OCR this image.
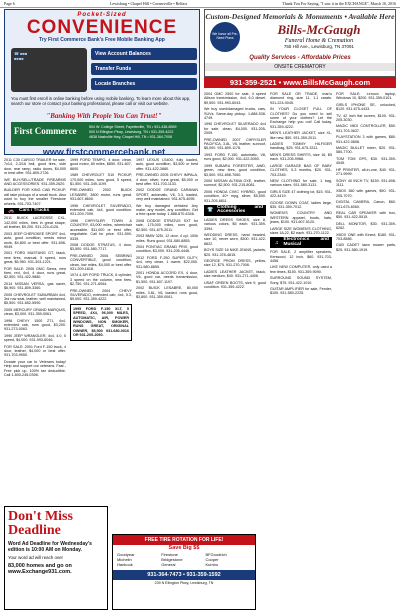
Page 6	Lewisburg • Chapel Hill • Cornersville • Belfast	Thank You For Saying, "I saw it in the EXCHANGE", March 16, 2016
Pocket-Sized
CONVENIENCE
Try First Commerce Bank's Free Mobile Banking App
☎ ■■■
■■■■
View Account Balances
Transfer Funds
Locate Branches
You must first enroll in online banking before using mobile banking. To learn more about this app, search our store or contact your banking professional, please call or visit our website.
"Banking With People You Can Trust!"
First Commerce	504 W. College Street, Fayetteville, TN • 931-438-8559
500 N Ellington Pkwy, Lewisburg, TN • 931-359-4222
4638 Nashville Hwy, Chapel Hill, TN • 931-364-7008
www.firstcommercebank.net
Custom-Designed Memorials & Monuments • Available Here
We honor all Pre-Need Plans
Bills-McGaugh
Funeral Home & Cremation
755 Hill Ave., Lewisburg, TN 37091
Quality Services - Affordable Prices
ONSITE CREMATORY
931-359-2521 • www.BillsMcGaugh.com
2011 C30 CARGO TRAILER for sale, 7x14, 2-3/16 ball, good tires, side door, rear ramp, radio doors, $4,000 or best offer. 931-809-2726.
WE BUY/SELL/TRADE FIREARMS AND ACCESSORIES. 931-359-2620.
BUILDER FOR KING CAB PICKUP, will take pickups of a small truck. Also want to buy the smaller Firestone wheels. 931-703-7407.
🚗 Cars / Trucks
2011 BUICK LACROSSE CXL, 142,000 miles, tires in great shape, all leather, $9,200. 931-224-4126.
2003 JEEP CHEROKEE SPORT 4x4, auto, good condition, needs minor work, $4,800 or best offer. 931-698-9049.
2001 FORD MUSTANG GT, black, new tires, manual, 5 speed, runs great, $5,950. 931-303-1221.
FOR SALE: 2006 GMC Sierra, new tires, red, 4x4, 4 door, runs great, $2,500. 931-422-9880.
2014 NISSAN VERSA, gas saver, $6,900. 931-809-3360.
2005 CHEVROLET SUBURBAN 4x4, 3rd row seat, leather, well maintained, $5,500. 931-652-5590.
2005 MERCURY GRAND MARQUIS, clean, $3,000. 931-359-0061.
1998 CHEVY 1500 Z71, 4x4, extended cab, runs good, $3,200. 931-273-0063.
1990 JEEP WRANGLER, 4x4, 4.0, 5 speed, $4,000. 931-993-6046.
FOR SALE: 2001 Ford F-150 truck, 4 door, leather, $4,000 or best offer. 931-703-9950.
Donate your car to Veterans today! Help and support our veterans. Fast - Free pick up. 100% tax deductible. Call 1-800-245-0398.
1999 FORD TEMPO, 4 door, clean, good motor, 80 miles, $850. 931-607-8600.
1989 CHEVROLET S10 PICKUP, 170,000 miles, runs good, 5 speed, $1,500. 931-349-1199.
PRE-OWNED 2002 BUICK LESABRE, 3800 motor, runs great. 931-607-8600.
1996 CHEVROLET SILVERADO, extended cab, 4x4, good condition. 931-209-7099.
1996 CHRYSLER TOWN & COUNTRY, 63,000 miles, wheelchair accessible. $11,000 or best offer, negotiable. Call for price. 931-590-5339.
2008 DODGE STRATUS, 4 door, $3,500. 931-580-7717.
PRE-OWNED 2006 SEBRING CONVERTIBLE, good condition, clean, low miles, $4,000 or best offer. 931-209-1818.
1974 4-DR FORD TRUCK, 6 cylinder, 3 speed on the column, new tires, $2,750. 931-271-6064.
PRE-OWNED 2004 CHEVY SILVERADO, extended cab, 4x4, 5.3, $9,000. 931-359-4222.
1995 FORD F-150 XLT, 5 SPEED, 4X4, 96,000 MILES, AUTOMATIC, AIR, POWER WINDOWS, NON SMOKER, RUNS GREAT, ORIGINAL OWNER, $5,500 931-680-0016 OR 931-205-2050.
1997 LEXUS LS400, fully loaded, auto, good condition, $3,500 or best offer. 931-422-3680.
PRE-OWNED 2005 CHEVY IMPALA, 4 door, silver, runs great, $5,000 or best offer. 931-703-1133.
2002 DODGE GRAND CARAVAN SPORT, automatic, V6, 3.3, loaded, very well maintained. 931-675-4095.
We buy damaged vehicles! Any make, any model, any condition. Get a free quote today. 1-888-870-6346.
2008 DODGE STRATUS SXT for sale, 175,000 miles, runs good, $2,500. 931-675-2011.
2003 BMW 325I, 12 door, 4 cyl, 100k miles. Runs good. 931-580-8855.
2004 PONTIAC GRAND PRIX, good condition, $3,000. 931-205-4446.
2012 FORD F-250 SUPER DUTY, 4x4, very clean, 1 owner, $22,000. 931-580-8855.
2001 HONDA ACCORD EX, 4 door, V6, good car, needs transmission, $1,500. 931-607-1197.
2002 BUICK LESABRE, 80,000 miles, 3.8L, V6, loaded, runs good, $3,800. 931-359-0061.
2004 GMC 2500 for sale, 4 speed Allison transmission, 4x4, 6.0 diesel, $9,500. 931-993-6043.
We buy used/damaged trucks, cars, SUVs. Same-day pickup. 1-888-538-4749.
1990 CHEVROLET SILVERADO 4x4 for sale, clean, $4,000. 931-205-2009.
PRE-OWNED 2007 CHRYSLER PACIFICA, 3.8L, V6, leather, sunroof, $5,000. 931-809-1178.
1993 FORD F-150, automatic, V8, runs good, $2,000. 931-422-5050.
1999 SUBARU FORESTER, AWD, green, new tires, good condition, $3,500. 931-698-7060.
2000 NISSAN ALTIMA GXE, leather, sunroof, $2,500. 931-215-8081.
2006 HONDA CIVIC HYBRID, good condition, 40+ mpg, silver, $5,500. 931-205-8811.
👕 Clothing and Accessories
LADIES DRESS SHOES, size 8, various colors, $5 each. 931-359-3394.
WEDDING DRESS, hand beaded, size 10, never worn, $300. 931-422-8822.
BOYS SIZE 16 NIKE JEANS, jackets, $20. 931-378-4815.
GEORGE PROM DRESS, yellow, size 12, $75. 931-270-7006.
LADIES LEATHER JACKET, black, size medium, $40. 931-271-4406.
USAF GREEN BOOTS, size 9, good condition. 931-359-4222.
FOR SALE OR TRADE, man's diamond ring, size 11, 1.1 carats. 931-224-0045.
IN YOUR CLOSET FULL OF CLOTHES? Do you need to sell some of your clothes? Let the Exchange help you out! Call today. 931-359-4222.
MEN'S LEATHER JACKET, size XL, like new, $50. 931-359-2011.
LADIES TOMMY HILFIGER handbag, $25. 931-675-3311.
MEN'S DRESS SHIRTS, size 16, $5 each. 931-205-9988.
LARGE GARAGE BAG OF BABY CLOTHES, 0-3 months, $20. 931-703-2345.
NEW CLOTHING for sale, 1 bag, various sizes. 931-580-3131.
GIRLS SIZE 4T clothing lot, $15. 931-422-4419.
GOOSE DOWN COAT, ladies large, $35. 931-359-7012.
WOMEN'S COUNTRY AND WESTERN apparel, boots, hats, jeans, $100. 931-607-5120.
LARGE SIZE WOMEN'S CLOTHING, sizes 18-22, $2 each. 931-270-1122.
♫	Electronics and Musical
FOR SALE, 2 amplifier speakers, Kenwood, 12 inch, $60. 931-703-4456.
LIKE NEW COMPUTER, only used a few times, $150. 931-359-9090.
SURROUND SOUND SYSTEM, Sony, $75. 931-422-1010.
GUITAR AMPLIFIER for sale, Fender, $100. 931-580-2225.
FOR SALE: Lenovo laptop, Windows 10, $200. 931-359-0101.
GIRLS IPHONE SE, unlocked, $120. 931-675-4433.
TV, 42 inch flat screen, $100. 931-205-3030.
MAGIC MIDI CONTROLLER, $50. 931-703-3637.
PLAYSTATION 3 with games, $80. 931-422-0808.
MAGIC BULLET mixer, $20. 931-580-7700.
TOM TOM GPS, $30. 931-359-4545.
HP PRINTER, all-in-one, $40. 931-271-9999.
SONY 40 INCH TV, $150. 931-698-1111.
XBOX 360 with games, $90. 931-205-7070.
DIGITAL CAMERA, Canon, $60. 931-675-6060.
REAL CAR SPEAKER with box, $50. 931-422-5515.
DELL MONITOR, $30. 931-359-6262.
XBOX ONE with Kinect, $180. 931-703-8585.
CUB CADET lawn mower parts, $25. 931-580-1919.
Don't Miss Deadline
Word Ad Deadline for Wednesday's edition is 10:00 AM on Monday.
Your word ad will reach over
83,000 homes and go on www.Exchange931.com.
FREE TIRE ROTATION FOR LIFE!
Save Big $$
Goodyear	Firestone	BFGoodrich
Michelin	Bridgestone	Cooper
Hankook	General	Kumho
931-364-7473 • 931-359-1592
239 N Ellington Pkwy, Lewisburg, TN
